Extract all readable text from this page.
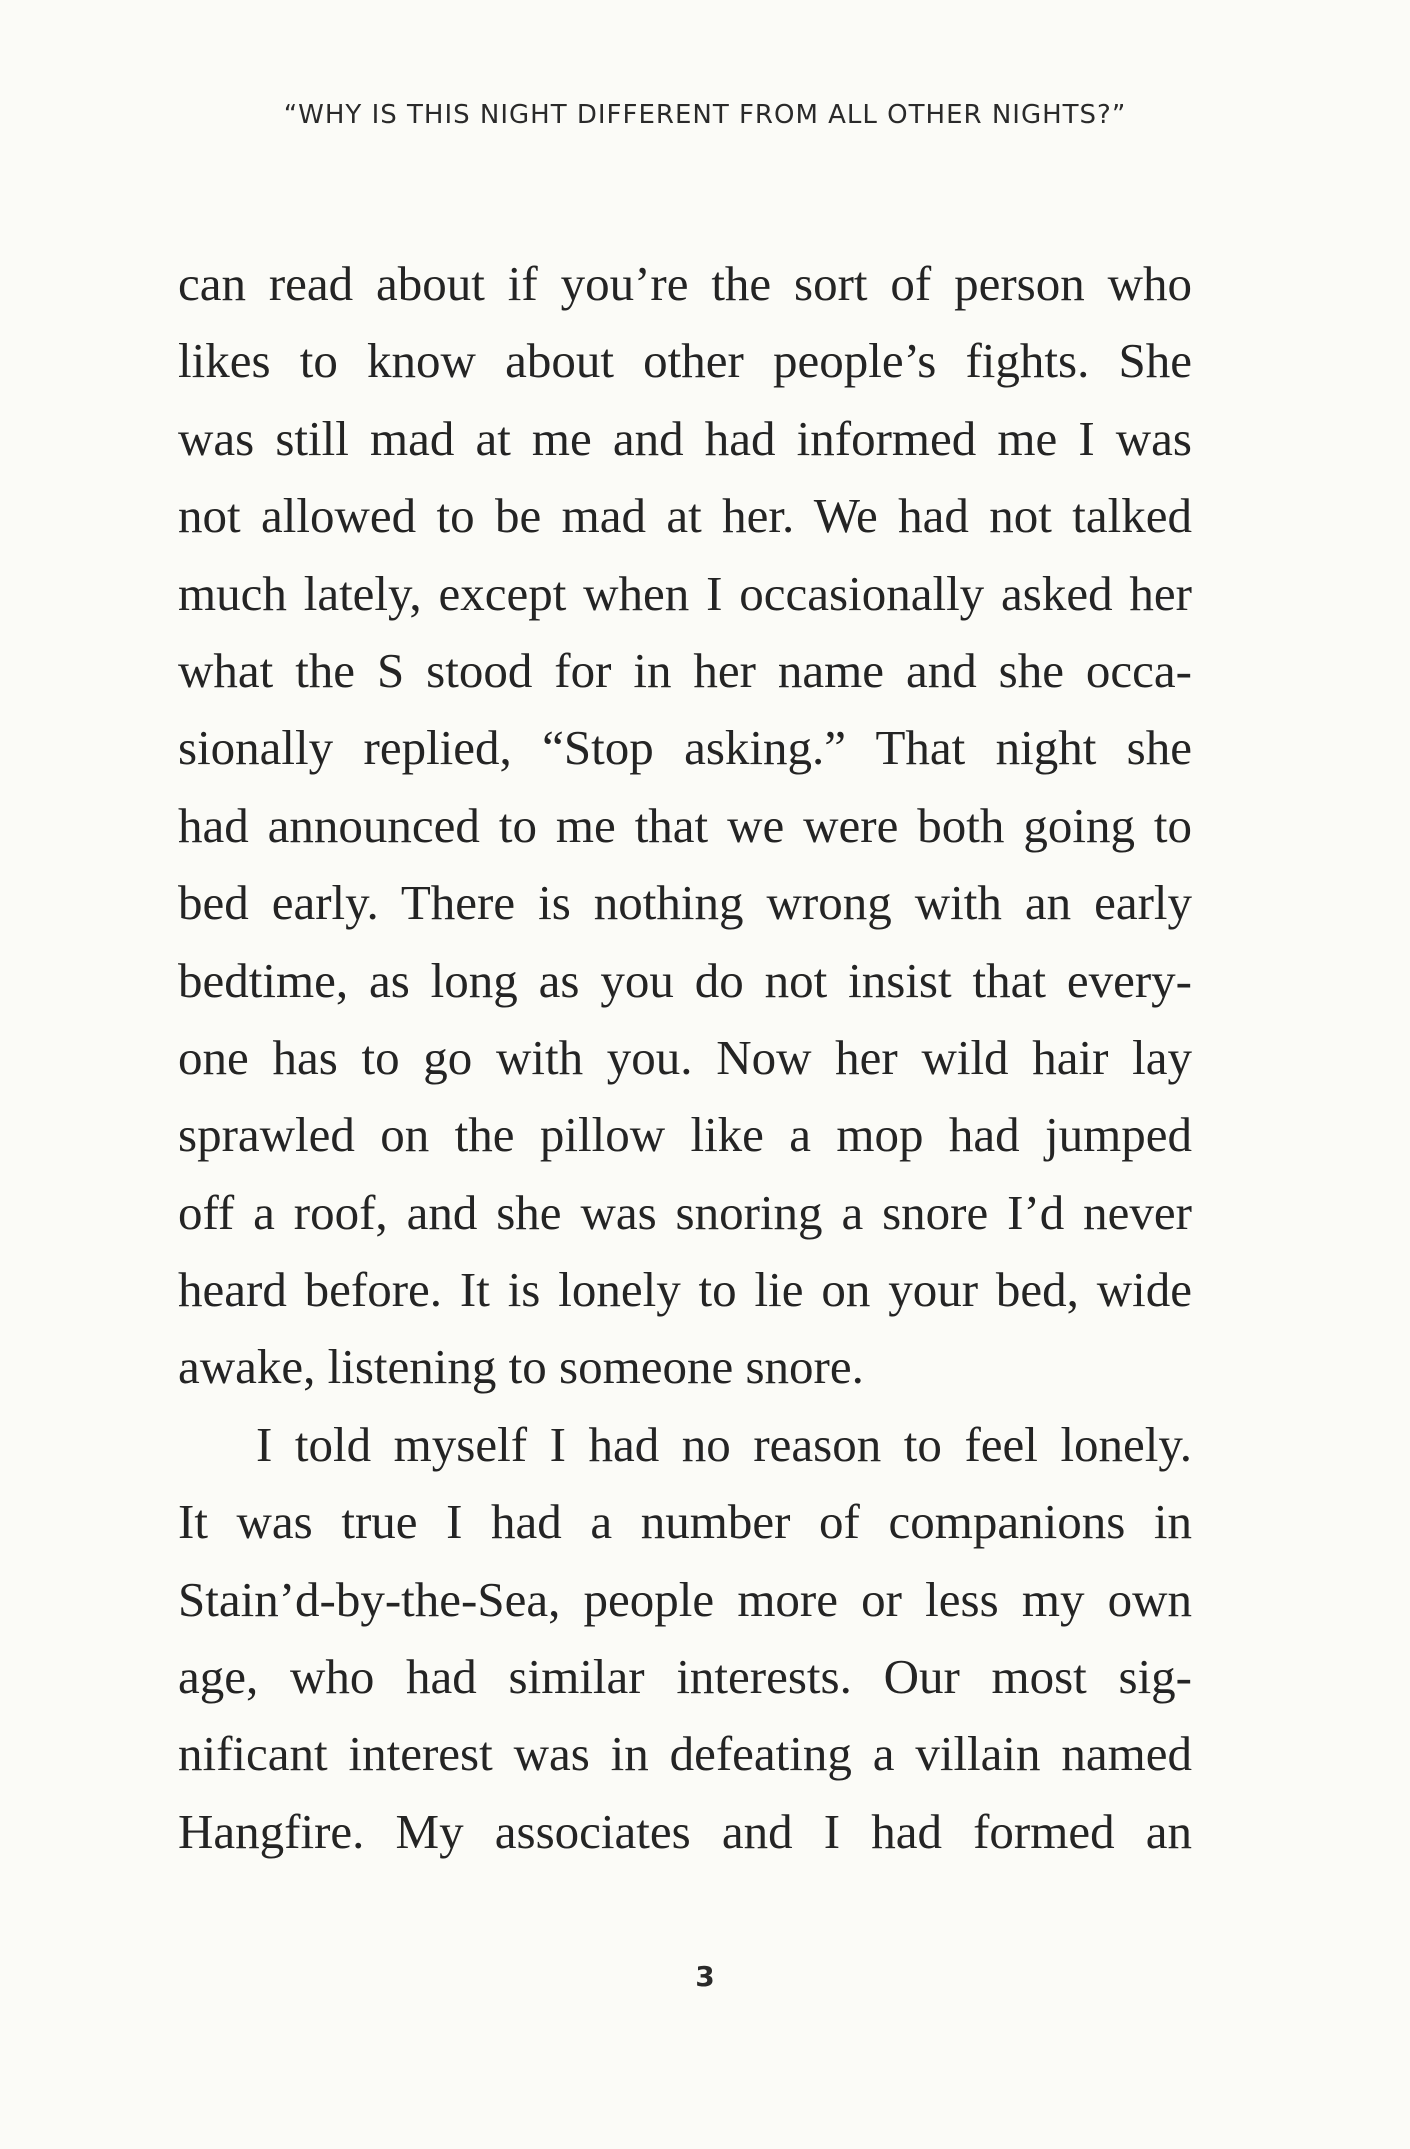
“WHY IS THIS NIGHT DIFFERENT FROM ALL OTHER NIGHTS?”
can read about if you’re the sort of person who
likes to know about other people’s fights. She
was still mad at me and had informed me I was
not allowed to be mad at her. We had not talked
much lately, except when I occasionally asked her
what the S stood for in her name and she occa-
sionally replied, “Stop asking.” That night she
had announced to me that we were both going to
bed early. There is nothing wrong with an early
bedtime, as long as you do not insist that every-
one has to go with you. Now her wild hair lay
sprawled on the pillow like a mop had jumped
off a roof, and she was snoring a snore I’d never
heard before. It is lonely to lie on your bed, wide
awake, listening to someone snore.
I told myself I had no reason to feel lonely.
It was true I had a number of companions in
Stain’d-by-the-Sea, people more or less my own
age, who had similar interests. Our most sig-
nificant interest was in defeating a villain named
Hangfire. My associates and I had formed an
3
